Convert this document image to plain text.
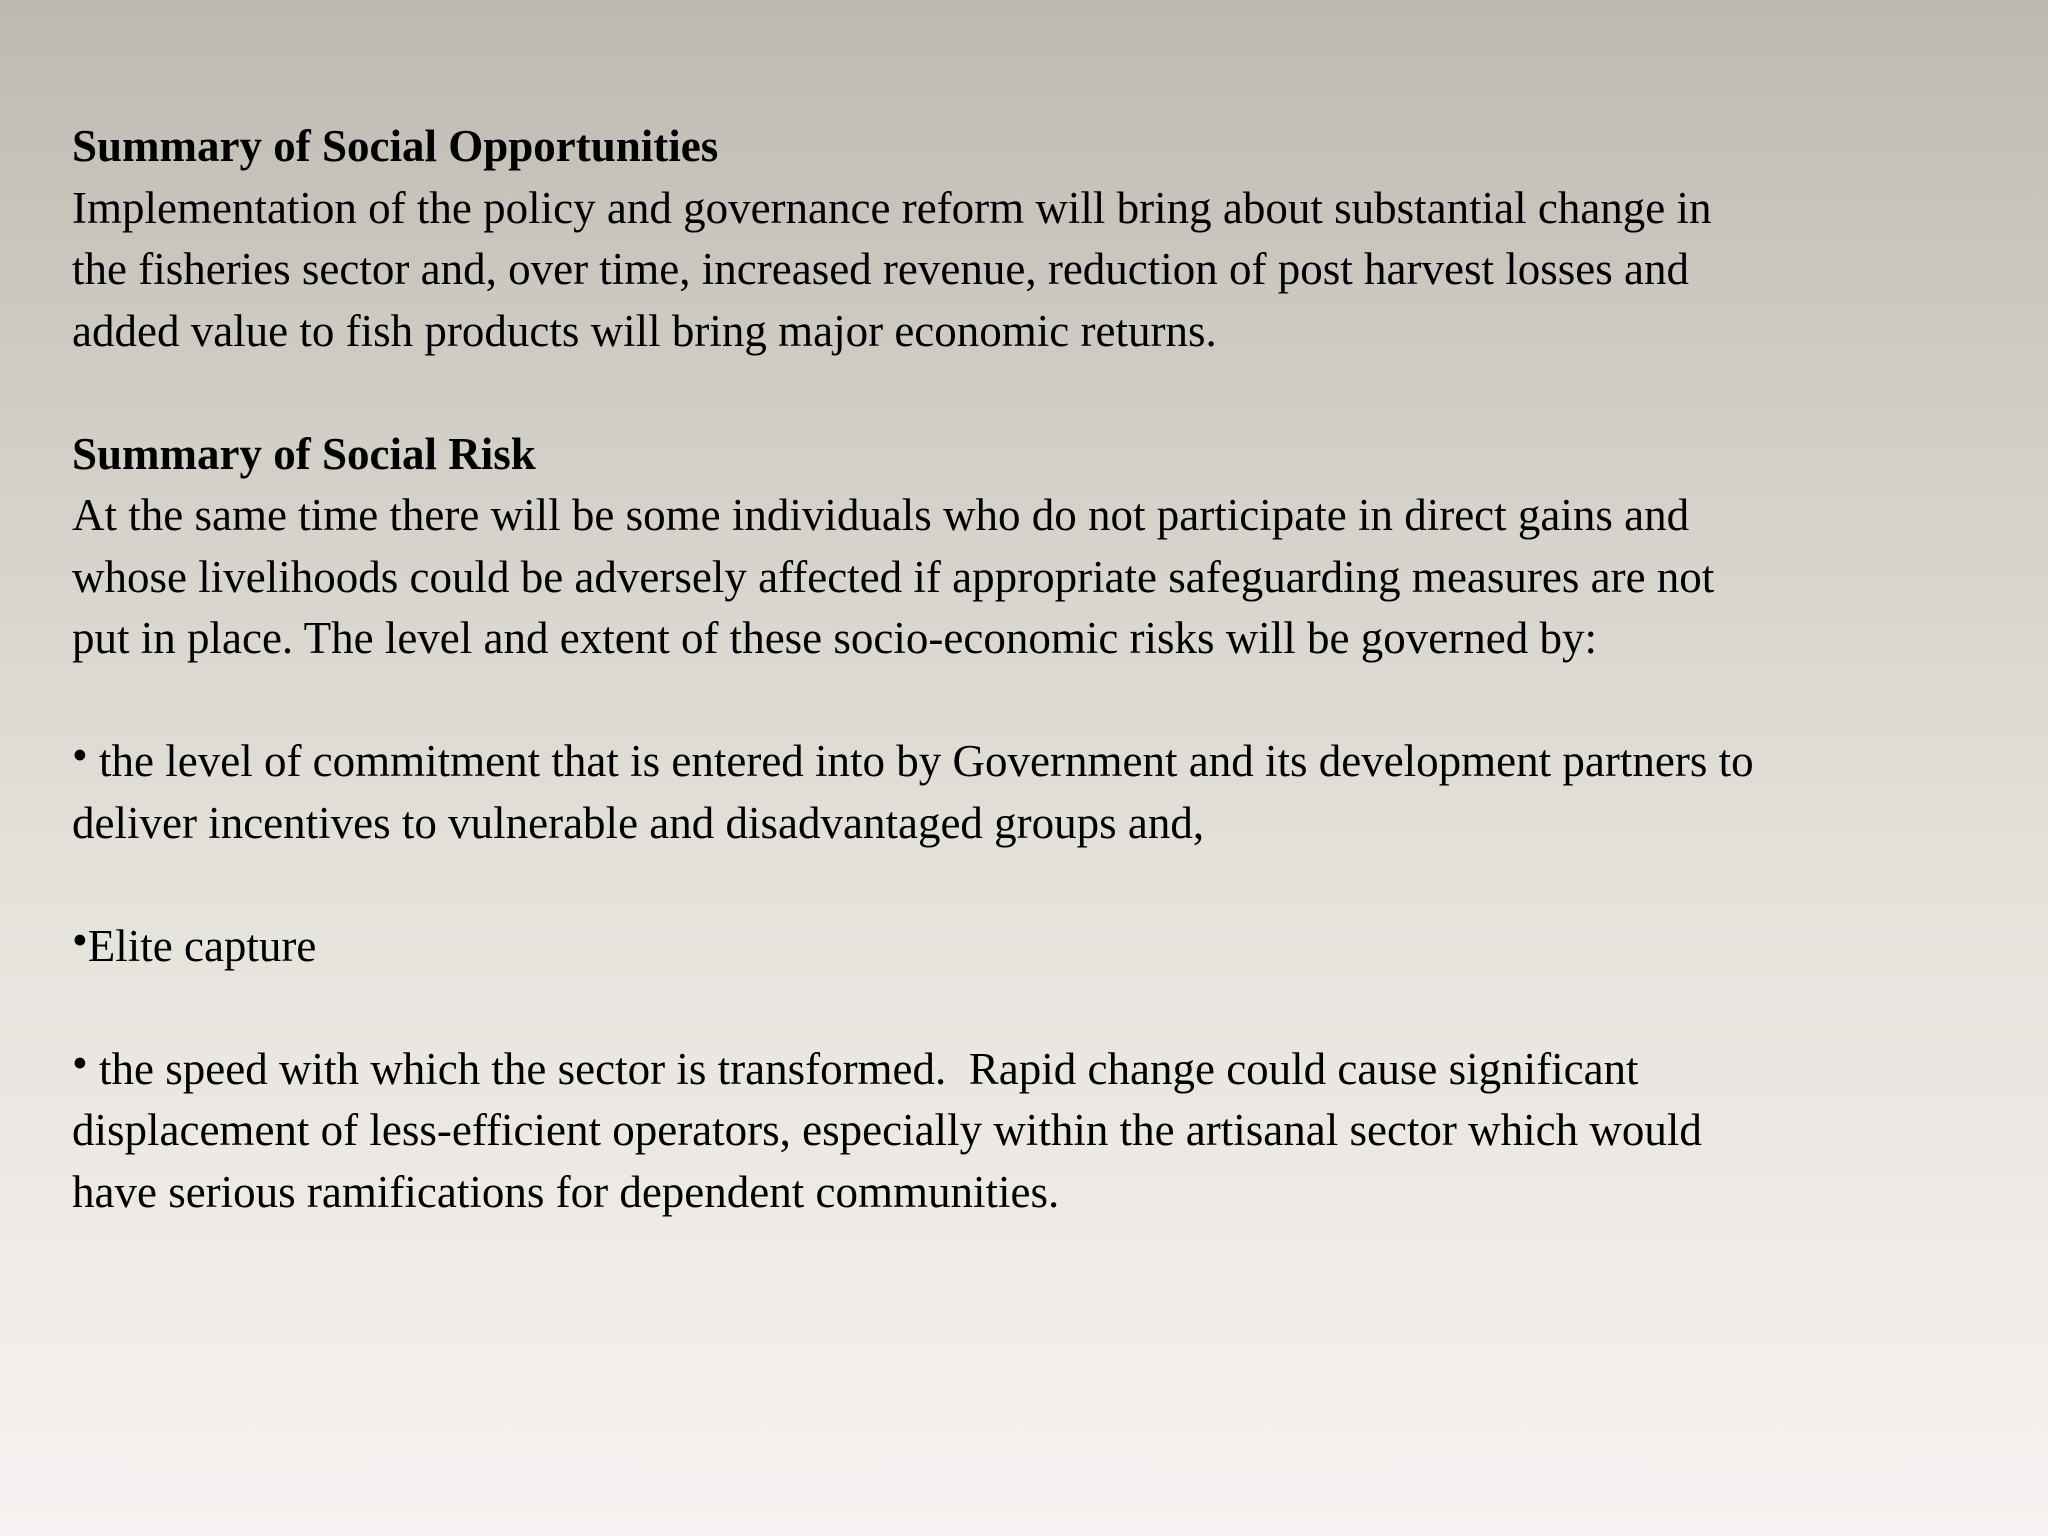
Summary of Social Opportunities

Implementation of the policy and governance reform will bring about substantial change in

the fisheries sector and, over time, increased revenue, reduction of post harvest losses and

added value to fish products will bring major economic returns.

Summary of Social Risk

At the same time there will be some individuals who do not participate in direct gains and

whose livelihoods could be adversely affected if appropriate safeguarding measures are not

put in place. The level and extent of these socio-economic risks will be governed by:

• the level of commitment that is entered into by Government and its development partners to

deliver incentives to vulnerable and disadvantaged groups and,

•Elite capture

• the speed with which the sector is transformed.  Rapid change could cause significant

displacement of less-efficient operators, especially within the artisanal sector which would

have serious ramifications for dependent communities.
